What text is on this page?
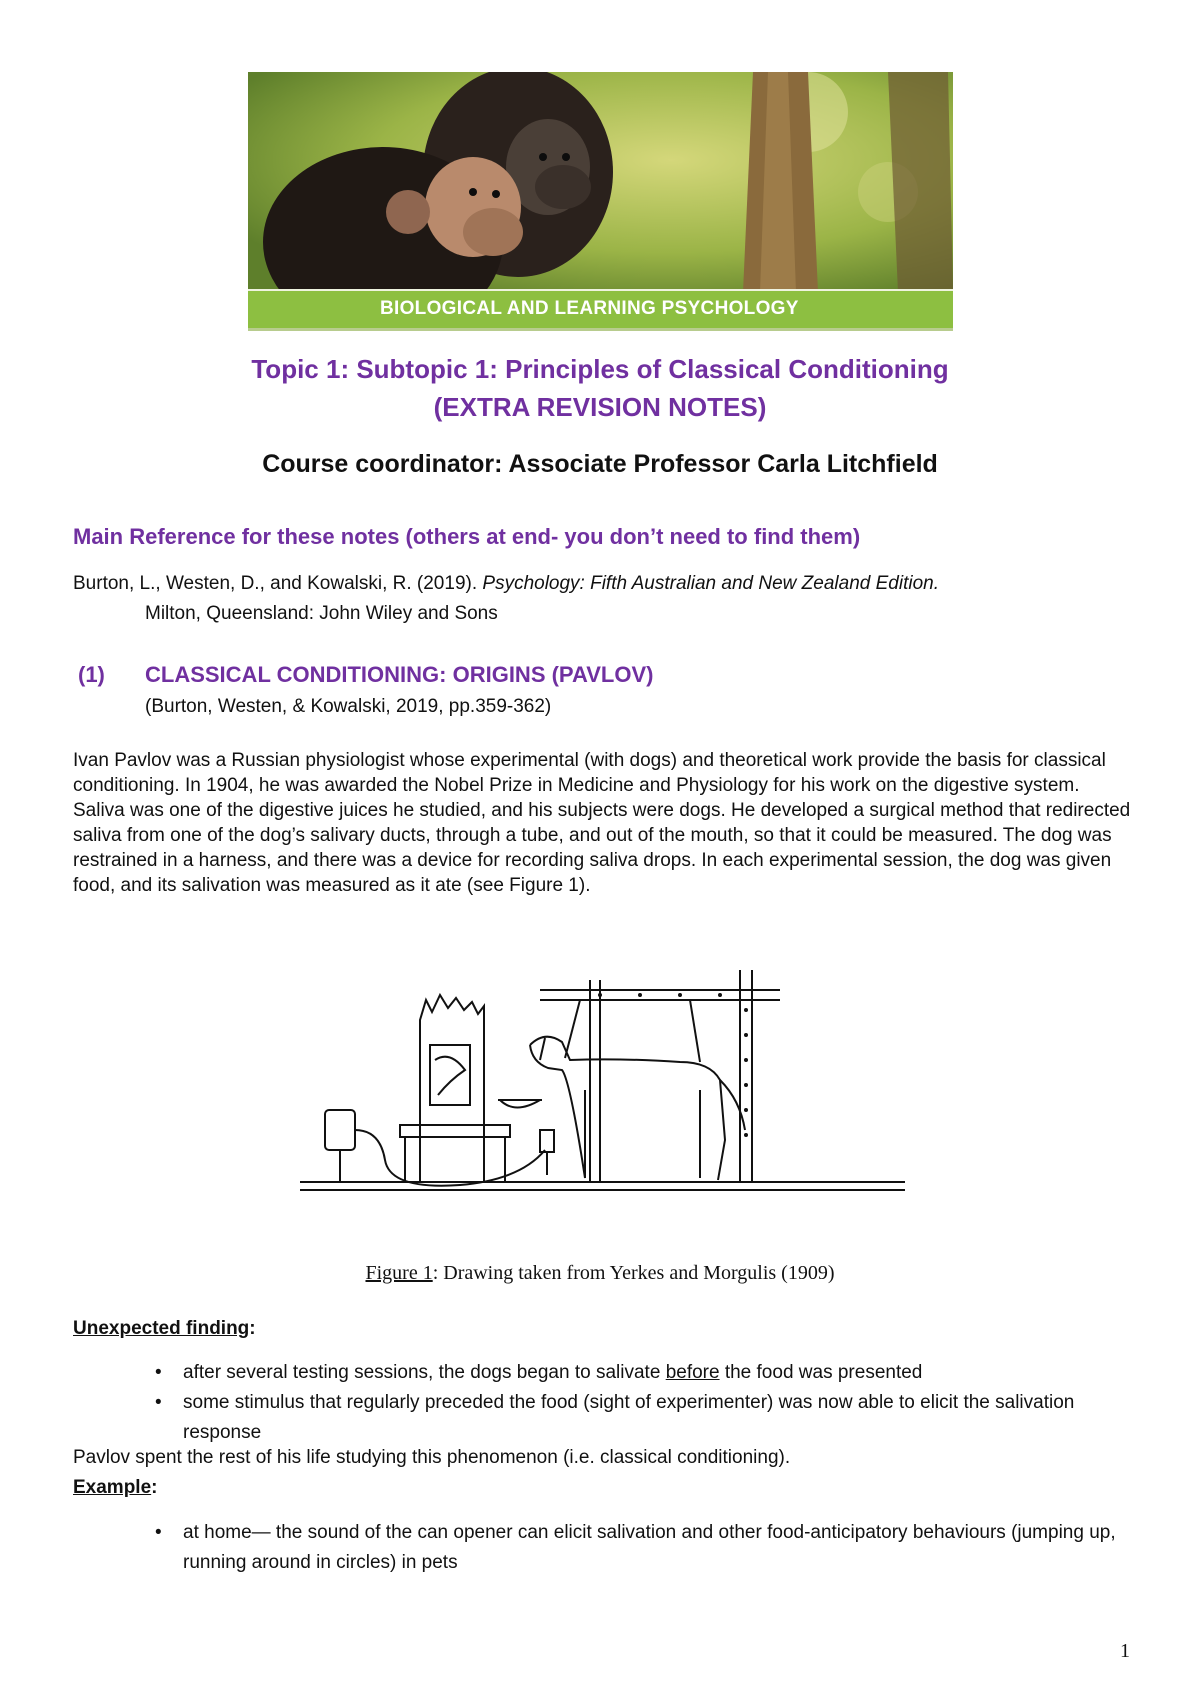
BIOLOGICAL AND LEARNING PSYCHOLOGY
Topic 1: Subtopic 1: Principles of Classical Conditioning
(EXTRA REVISION NOTES)
Course coordinator: Associate Professor Carla Litchfield
Main Reference for these notes (others at end- you don’t need to find them)
Burton, L., Westen, D., and Kowalski, R. (2019). Psychology: Fifth Australian and New Zealand Edition.
Milton, Queensland: John Wiley and Sons
(1) CLASSICAL CONDITIONING: ORIGINS (PAVLOV)
(Burton, Westen, & Kowalski, 2019, pp.359-362)
Ivan Pavlov was a Russian physiologist whose experimental (with dogs) and theoretical work provide the basis for classical conditioning. In 1904, he was awarded the Nobel Prize in Medicine and Physiology for his work on the digestive system. Saliva was one of the digestive juices he studied, and his subjects were dogs. He developed a surgical method that redirected saliva from one of the dog’s salivary ducts, through a tube, and out of the mouth, so that it could be measured. The dog was restrained in a harness, and there was a device for recording saliva drops. In each experimental session, the dog was given food, and its salivation was measured as it ate (see Figure 1).
Figure 1: Drawing taken from Yerkes and Morgulis (1909)
Unexpected finding:
• after several testing sessions, the dogs began to salivate before the food was presented
• some stimulus that regularly preceded the food (sight of experimenter) was now able to elicit the salivation response
Pavlov spent the rest of his life studying this phenomenon (i.e. classical conditioning).
Example:
• at home— the sound of the can opener can elicit salivation and other food-anticipatory behaviours (jumping up, running around in circles) in pets
1
